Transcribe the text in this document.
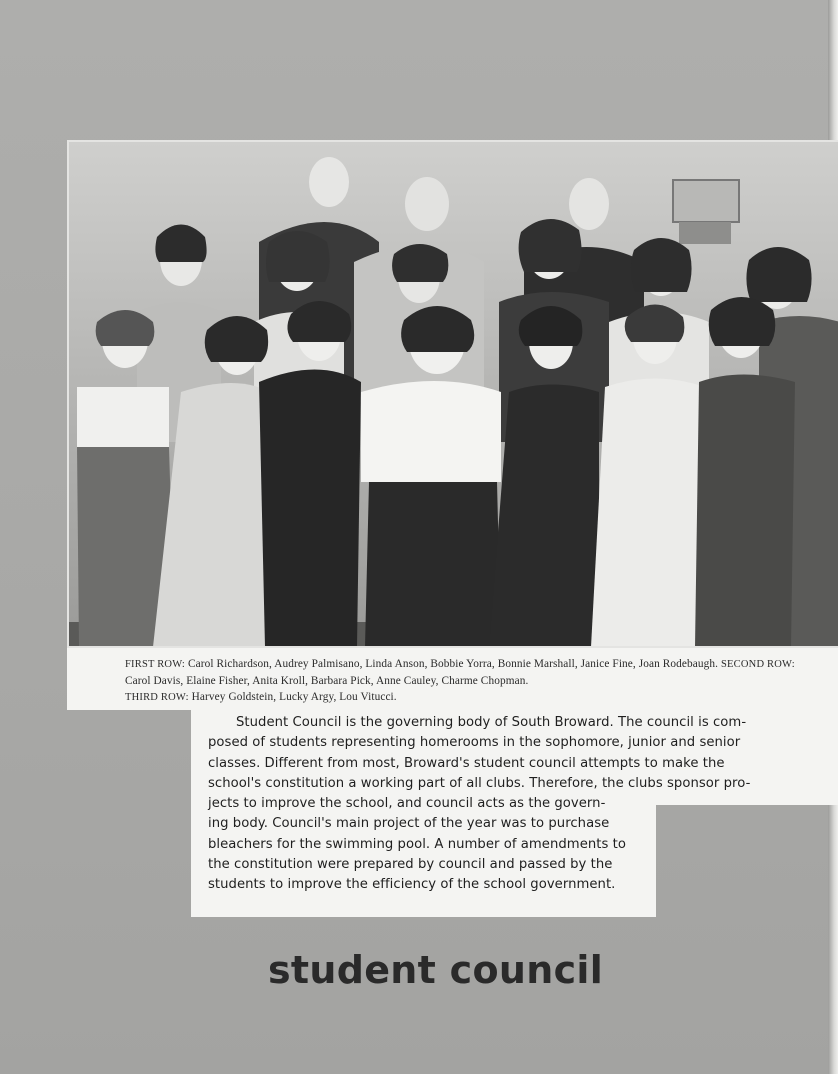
FIRST ROW: Carol Richardson, Audrey Palmisano, Linda Anson, Bobbie Yorra, Bonnie Marshall, Janice Fine, Joan Rodebaugh. SECOND ROW: Carol Davis, Elaine Fisher, Anita Kroll, Barbara Pick, Anne Cauley, Charme Chopman.
THIRD ROW: Harvey Goldstein, Lucky Argy, Lou Vitucci.
Student Council is the governing body of South Broward. The council is com-
posed of students representing homerooms in the sophomore, junior and senior
classes. Different from most, Broward's student council attempts to make the
school's constitution a working part of all clubs. Therefore, the clubs sponsor pro-
jects to improve the school, and council acts as the govern-
ing body. Council's main project of the year was to purchase
bleachers for the swimming pool. A number of amendments to
the constitution were prepared by council and passed by the
students to improve the efficiency of the school government.
student council
